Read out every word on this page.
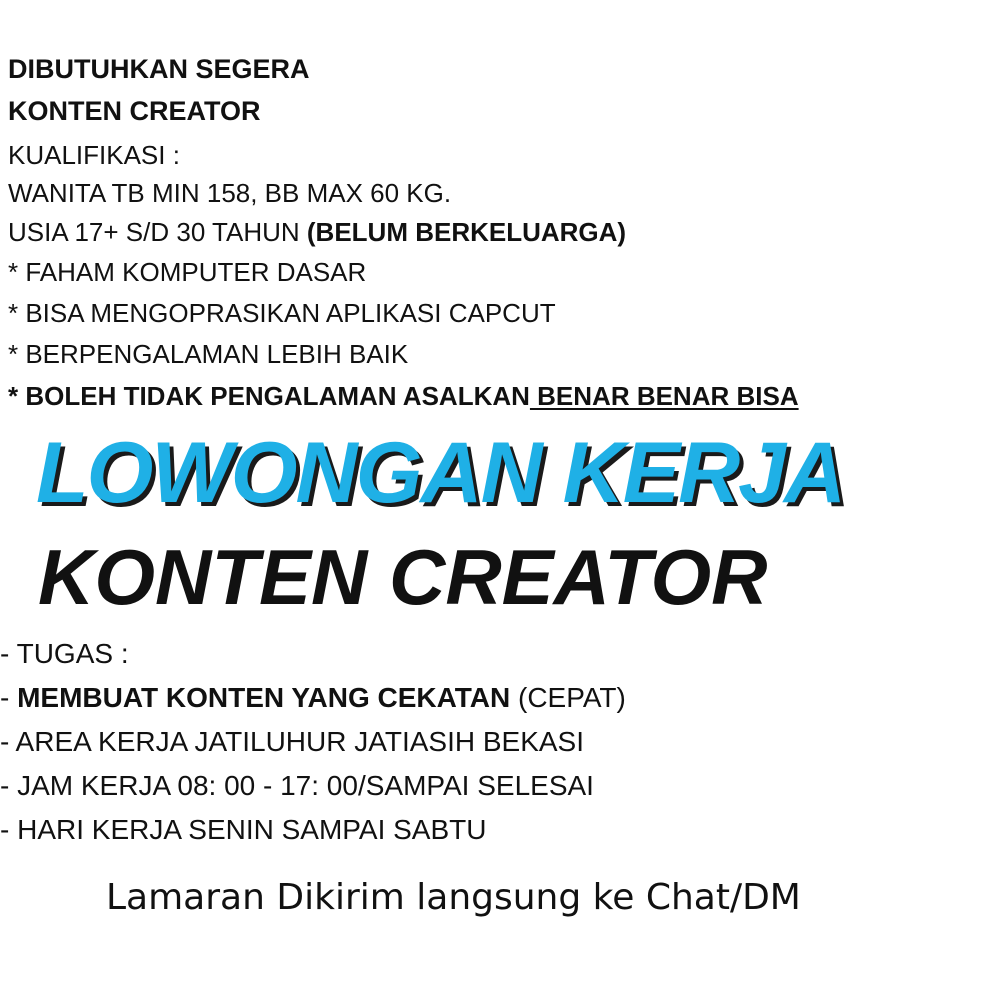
DIBUTUHKAN SEGERA
KONTEN CREATOR
KUALIFIKASI :
WANITA TB MIN 158, BB MAX 60 KG.
USIA 17+ S/D 30 TAHUN (BELUM BERKELUARGA)
* FAHAM KOMPUTER DASAR
* BISA MENGOPRASIKAN APLIKASI CAPCUT
* BERPENGALAMAN LEBIH BAIK
* BOLEH TIDAK PENGALAMAN ASALKAN BENAR BENAR BISA
LOWONGAN KERJA
KONTEN CREATOR
- TUGAS :
- MEMBUAT KONTEN YANG CEKATAN (CEPAT)
- AREA KERJA JATILUHUR JATIASIH BEKASI
- JAM KERJA 08: 00 - 17: 00/SAMPAI SELESAI
- HARI KERJA SENIN SAMPAI SABTU
Lamaran Dikirim langsung ke Chat/DM
